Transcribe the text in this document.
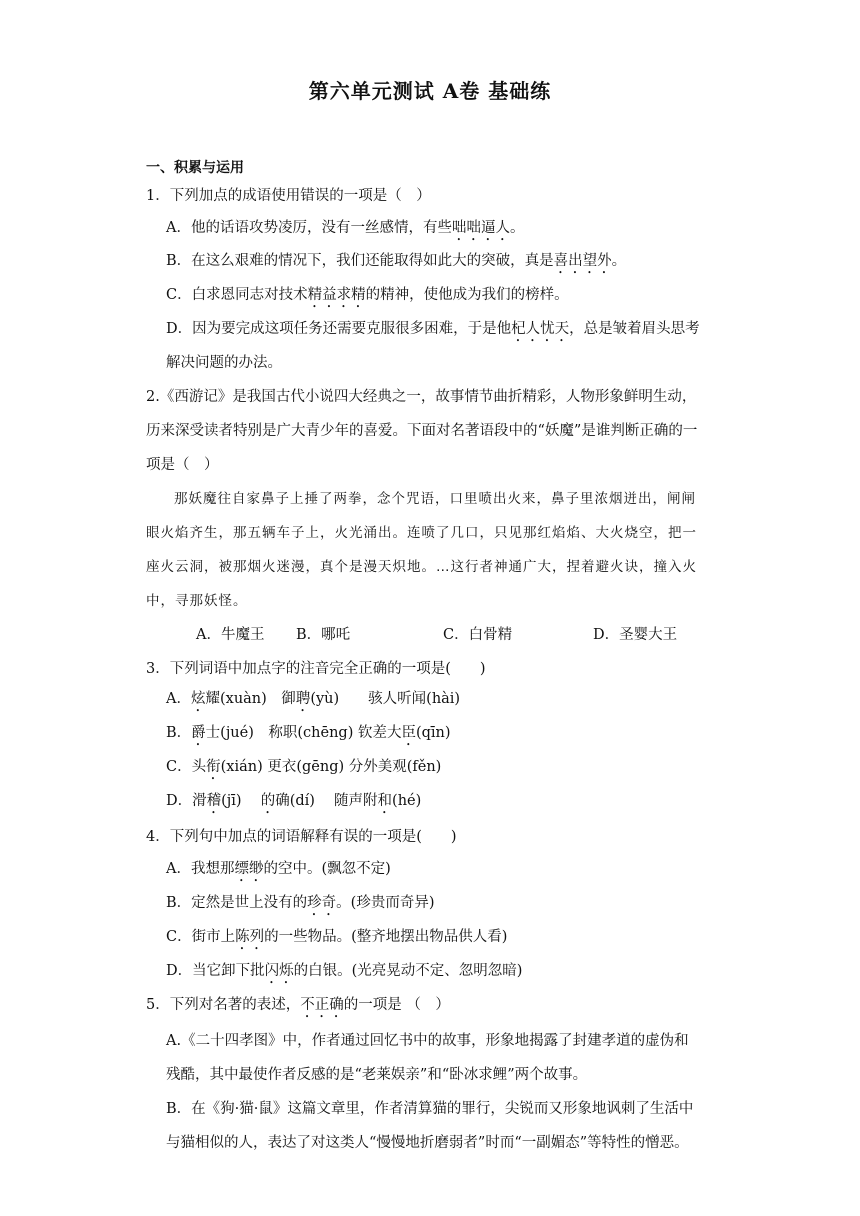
第六单元测试 A卷 基础练
一、积累与运用
1．下列加点的成语使用错误的一项是（　）
A．他的话语攻势凌厉，没有一丝感情，有些咄咄逼人。
B．在这么艰难的情况下，我们还能取得如此大的突破，真是喜出望外。
C．白求恩同志对技术精益求精的精神，使他成为我们的榜样。
D．因为要完成这项任务还需要克服很多困难，于是他杞人忧天，总是皱着眉头思考
解决问题的办法。
2.《西游记》是我国古代小说四大经典之一，故事情节曲折精彩，人物形象鲜明生动，
历来深受读者特别是广大青少年的喜爱。下面对名著语段中的“妖魔”是谁判断正确的一
项是（　）
那妖魔往自家鼻子上捶了两拳，念个咒语，口里喷出火来，鼻子里浓烟迸出，闸闸
眼火焰齐生，那五辆车子上，火光涌出。连喷了几口，只见那红焰焰、大火烧空，把一
座火云洞，被那烟火迷漫，真个是漫天炽地。…这行者神通广大，捏着避火诀，撞入火
中，寻那妖怪。
A．牛魔王 B．哪吒	C．白骨精	D．圣婴大王
3．下列词语中加点字的注音完全正确的一项是(　　)
A．炫耀(xuàn)　御聘(yù)　　骇人听闻(hài)
B．爵士(jué)　称职(chēng) 钦差大臣(qīn)
C．头衔(xián) 更衣(gēng) 分外美观(fěn)
D．滑稽(jī)　 的确(dí)　 随声附和(hé)
4．下列句中加点的词语解释有误的一项是(　　)
A．我想那缥缈的空中。(飘忽不定)
B．定然是世上没有的珍奇。(珍贵而奇异)
C．街市上陈列的一些物品。(整齐地摆出物品供人看)
D．当它卸下批闪烁的白银。(光亮晃动不定、忽明忽暗)
5．下列对名著的表述，不正确的一项是 （　）
A.《二十四孝图》中，作者通过回忆书中的故事，形象地揭露了封建孝道的虚伪和
残酷，其中最使作者反感的是“老莱娱亲”和“卧冰求鲤”两个故事。
B．在《狗·猫·鼠》这篇文章里，作者清算猫的罪行，尖锐而又形象地讽刺了生活中
与猫相似的人，表达了对这类人“慢慢地折磨弱者”时而“一副媚态”等特性的憎恶。
